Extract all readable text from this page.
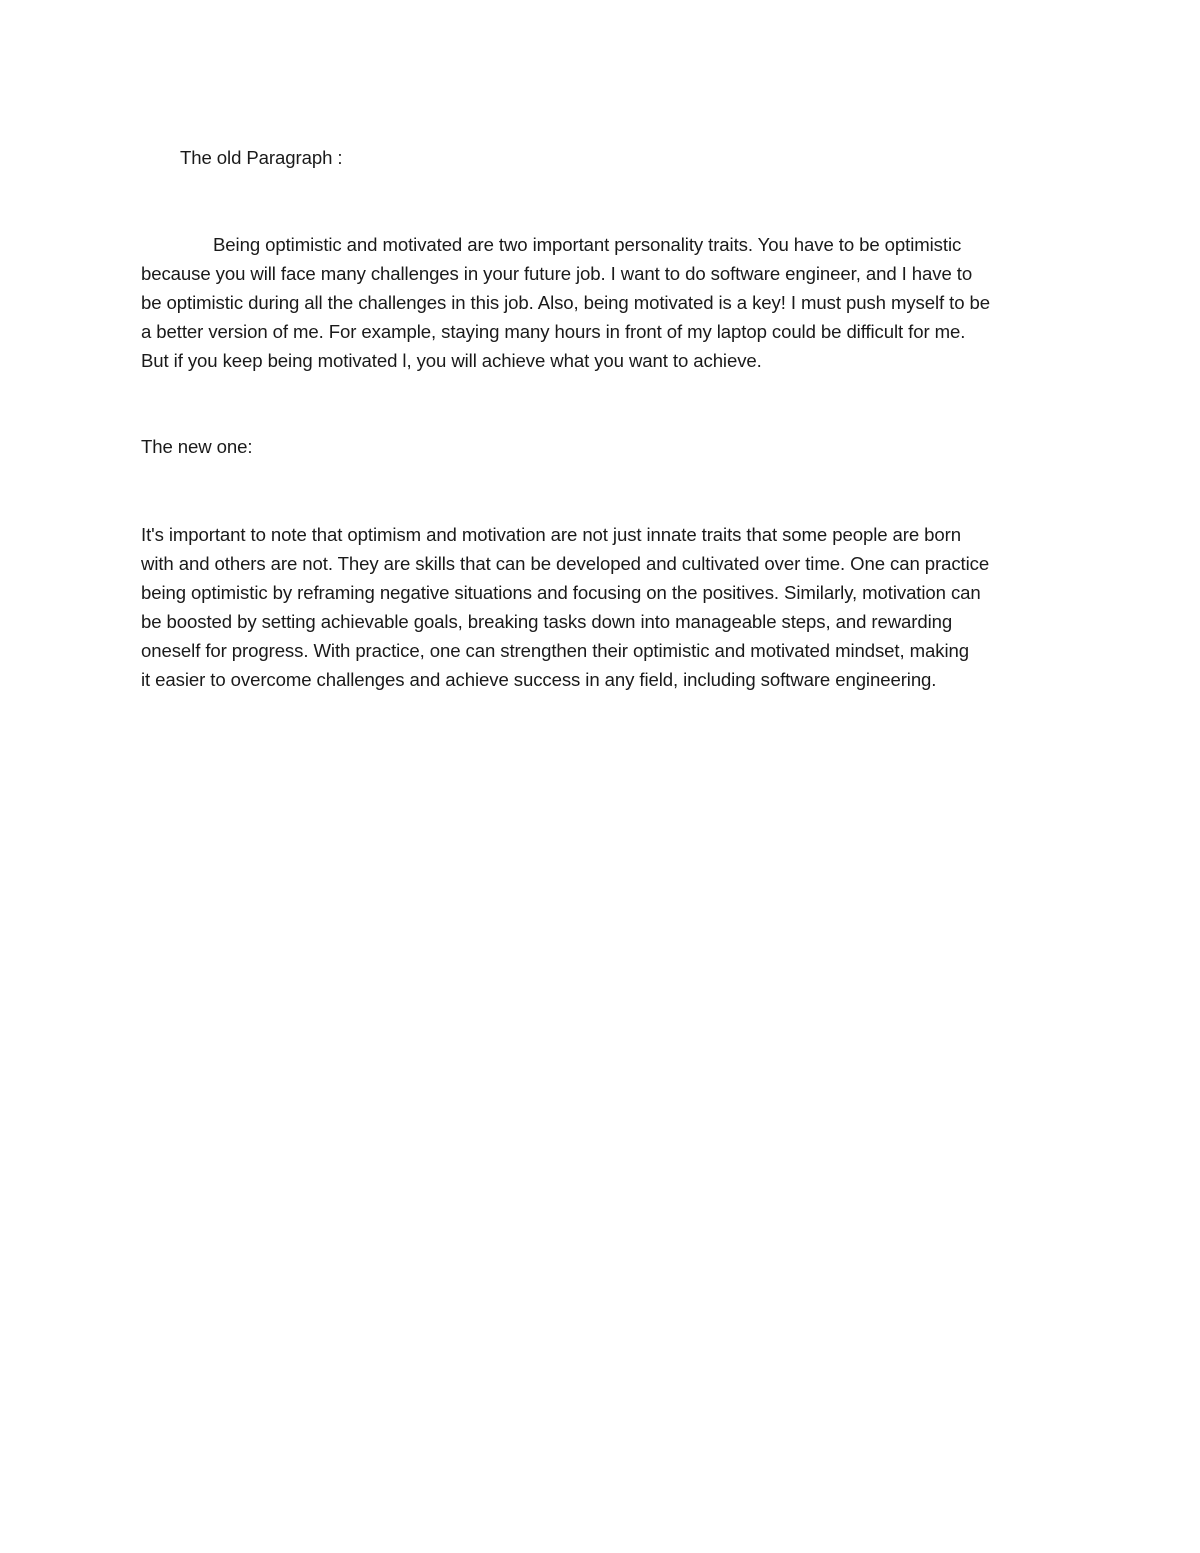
The old Paragraph :

Being optimistic and motivated are two important personality traits. You have to be optimistic
because you will face many challenges in your future job. I want to do software engineer, and I have to
be optimistic during all the challenges in this job. Also, being motivated is a key! I must push myself to be
a better version of me. For example, staying many hours in front of my laptop could be difficult for me.
But if you keep being motivated l, you will achieve what you want to achieve.

The new one:

It's important to note that optimism and motivation are not just innate traits that some people are born
with and others are not. They are skills that can be developed and cultivated over time. One can practice
being optimistic by reframing negative situations and focusing on the positives. Similarly, motivation can
be boosted by setting achievable goals, breaking tasks down into manageable steps, and rewarding
oneself for progress. With practice, one can strengthen their optimistic and motivated mindset, making
it easier to overcome challenges and achieve success in any field, including software engineering.
